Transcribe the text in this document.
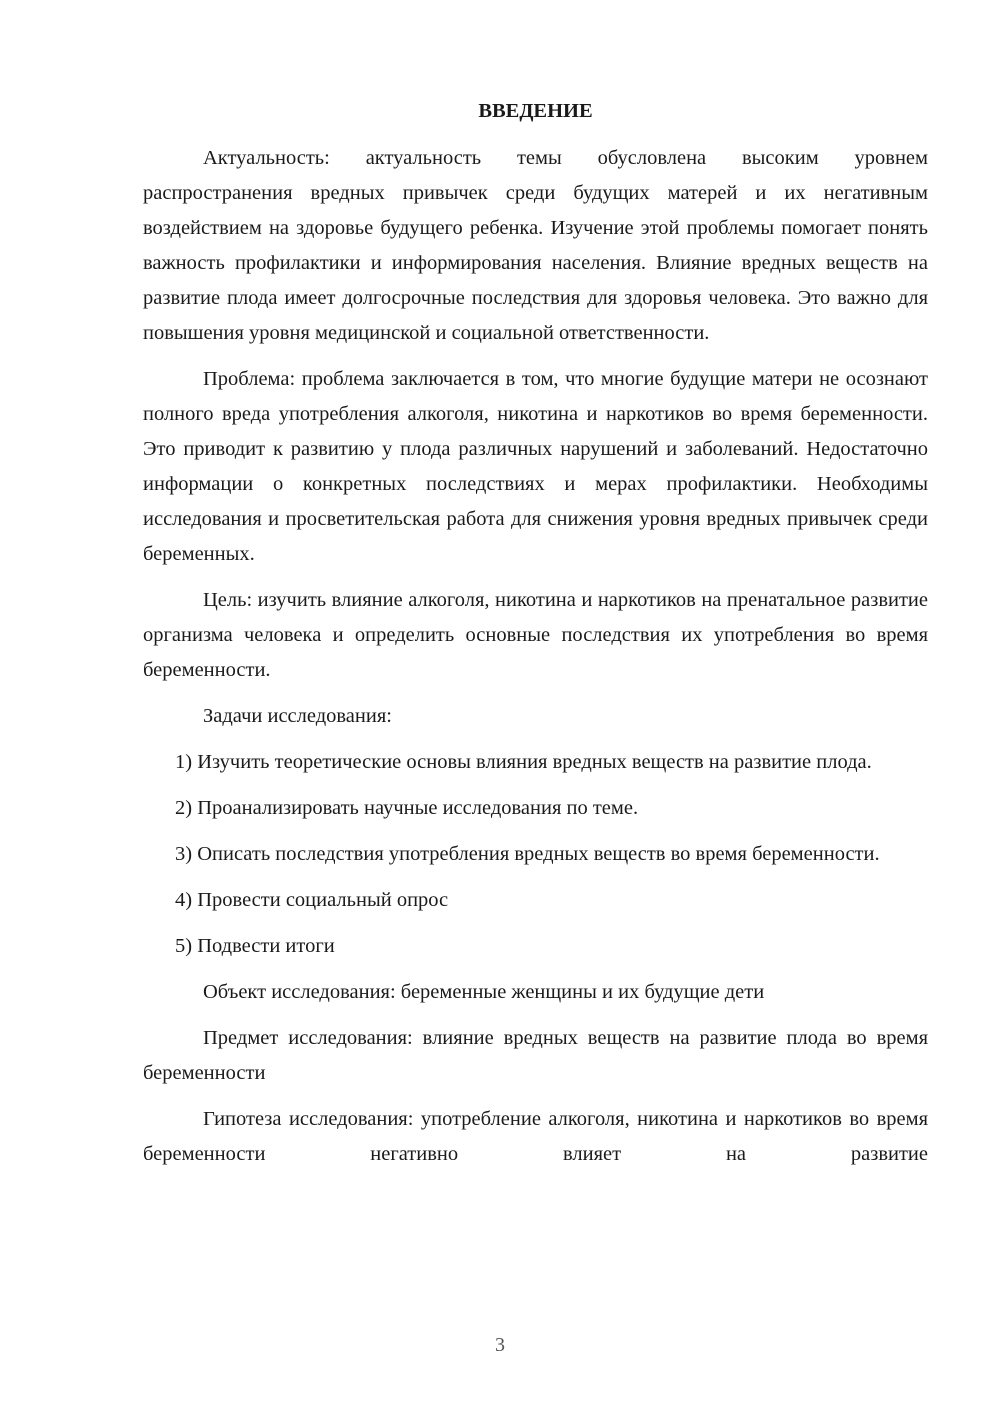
ВВЕДЕНИЕ

Актуальность: актуальность темы обусловлена высоким уровнем распространения вредных привычек среди будущих матерей и их негативным воздействием на здоровье будущего ребенка. Изучение этой проблемы помогает понять важность профилактики и информирования населения. Влияние вредных веществ на развитие плода имеет долгосрочные последствия для здоровья человека. Это важно для повышения уровня медицинской и социальной ответственности.

Проблема: проблема заключается в том, что многие будущие матери не осознают полного вреда употребления алкоголя, никотина и наркотиков во время беременности. Это приводит к развитию у плода различных нарушений и заболеваний. Недостаточно информации о конкретных последствиях и мерах профилактики. Необходимы исследования и просветительская работа для снижения уровня вредных привычек среди беременных.

Цель: изучить влияние алкоголя, никотина и наркотиков на пренатальное развитие организма человека и определить основные последствия их употребления во время беременности.

Задачи исследования:

1) Изучить теоретические основы влияния вредных веществ на развитие плода.

2) Проанализировать научные исследования по теме.

3) Описать последствия употребления вредных веществ во время беременности.

4) Провести социальный опрос

5) Подвести итоги

Объект исследования: беременные женщины и их будущие дети

Предмет исследования: влияние вредных веществ на развитие плода во время беременности

Гипотеза исследования: употребление алкоголя, никотина и наркотиков во время беременности негативно влияет на развитие

3
